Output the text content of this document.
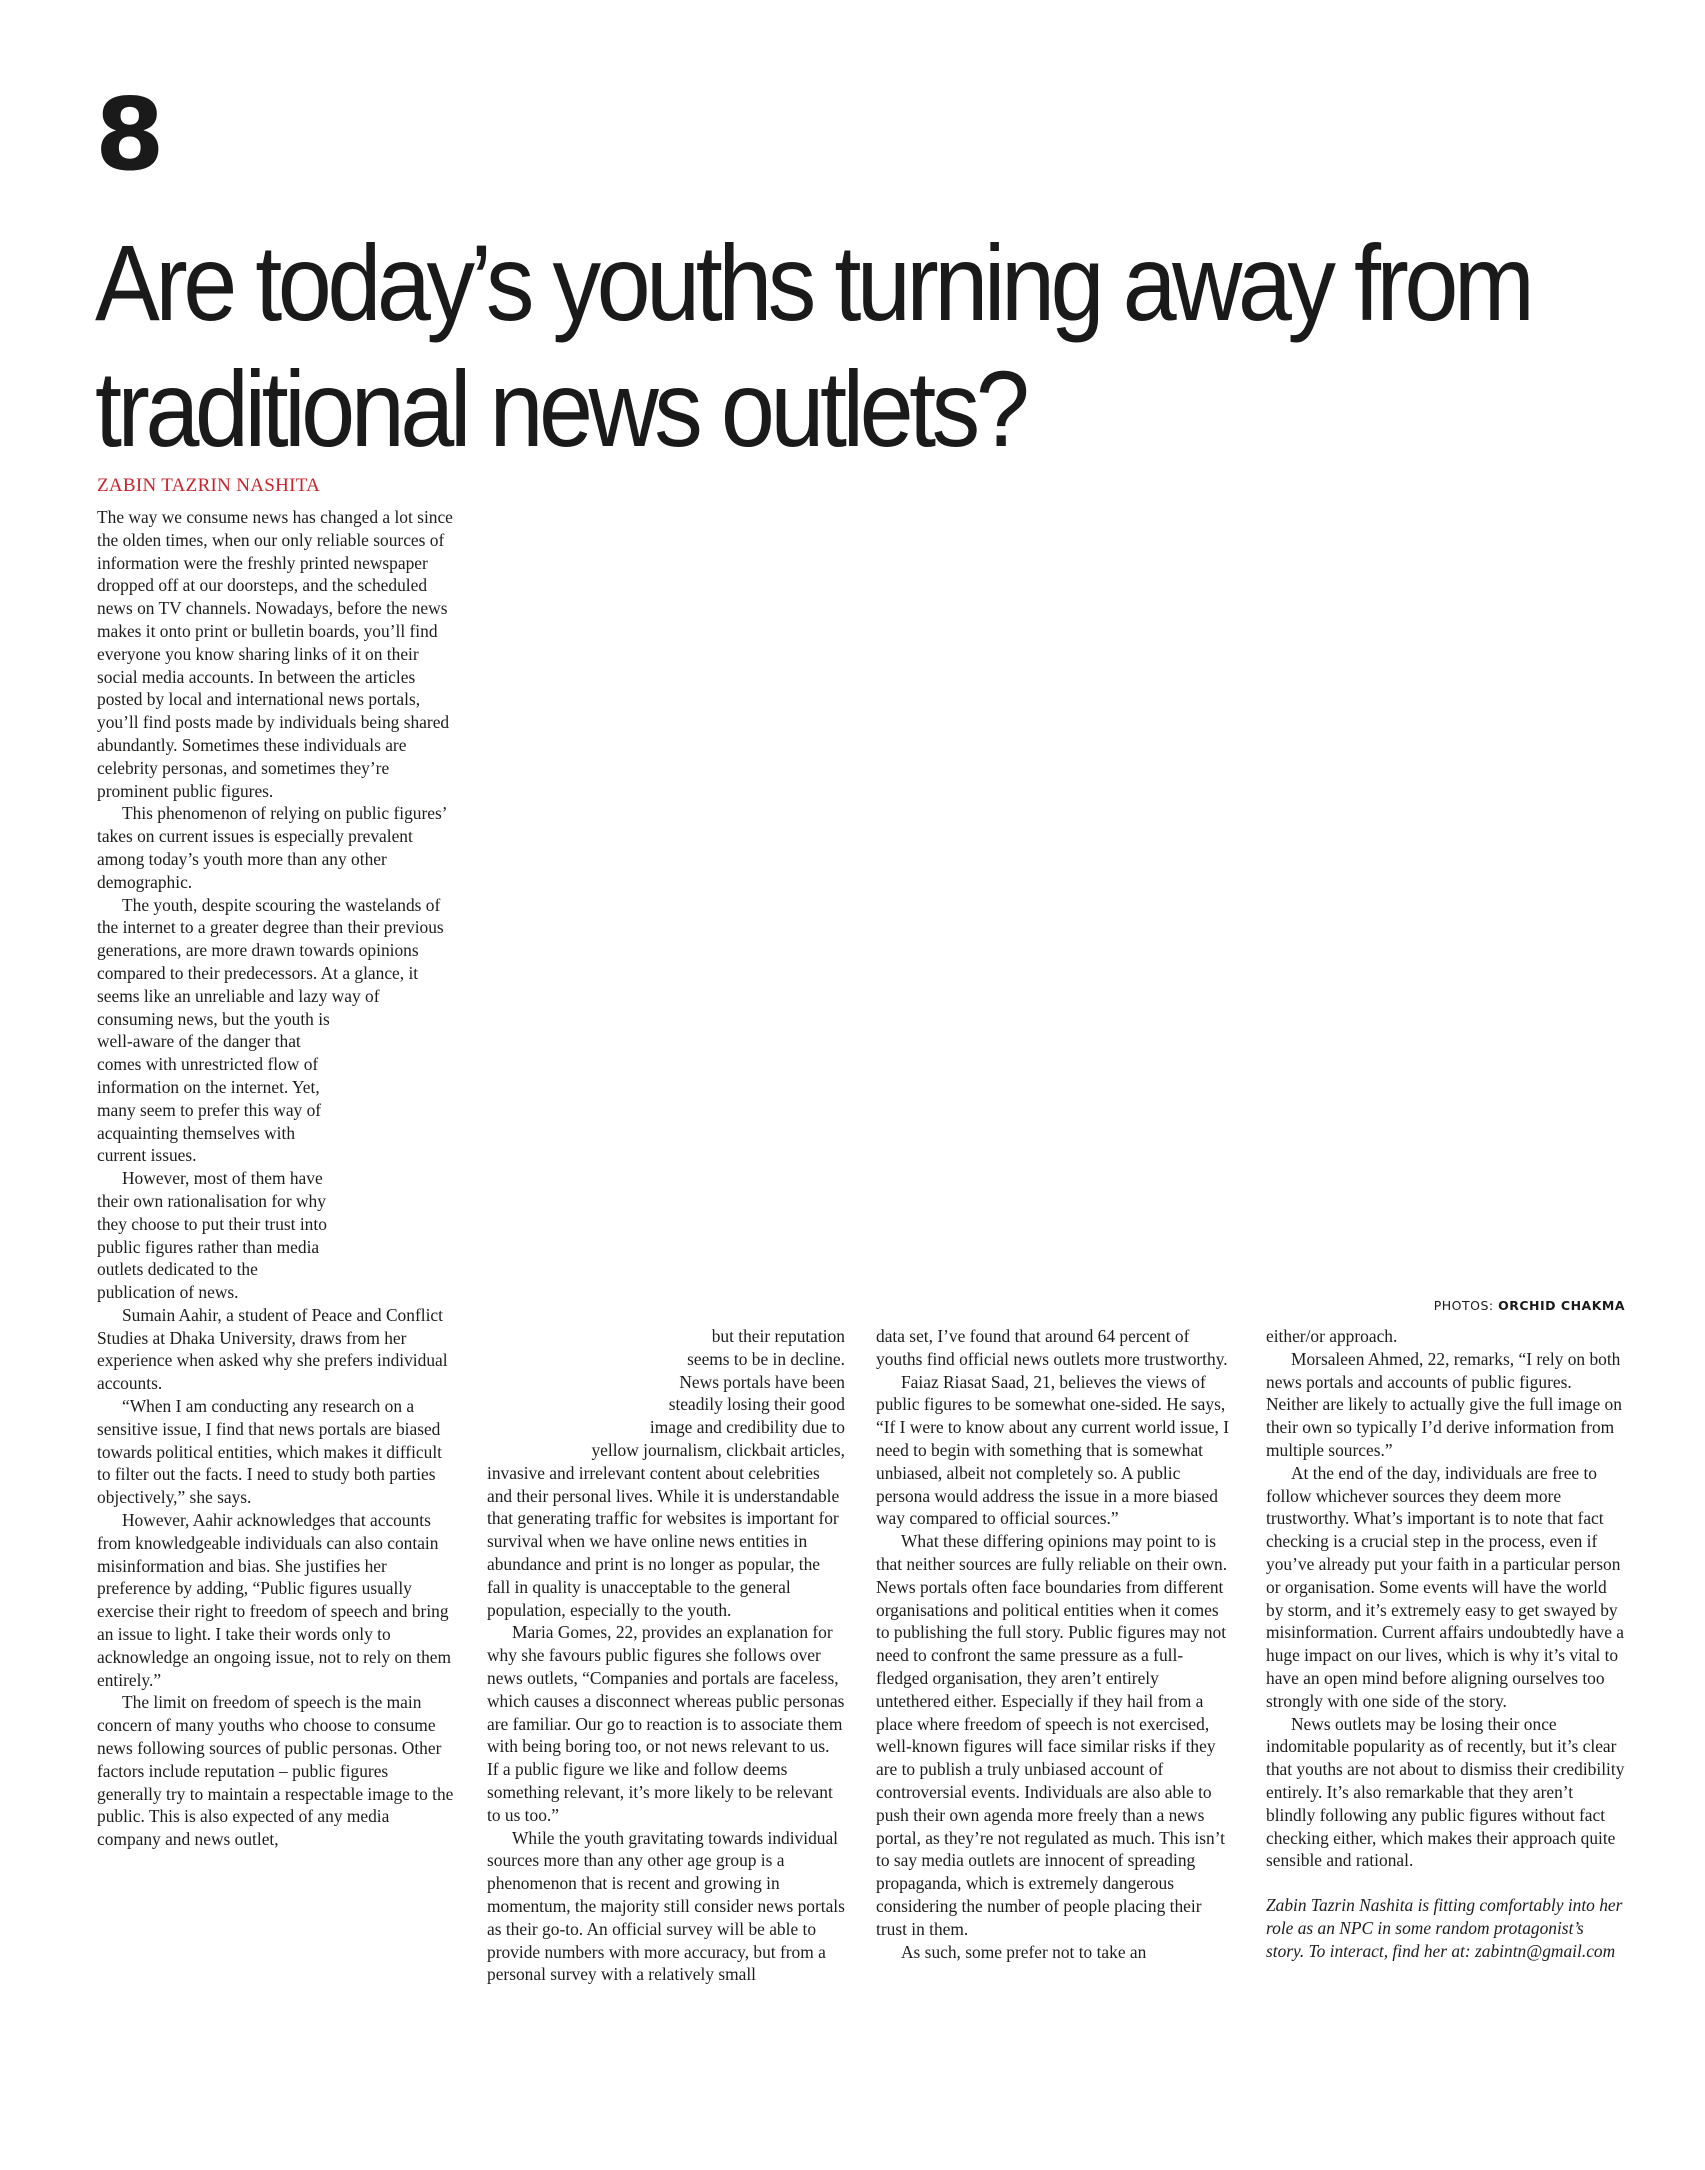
8
Are today’s youths turning away from
traditional news outlets?
ZABIN TAZRIN NASHITA

The way we consume news has changed a lot since the olden times, when our only reliable sources of information were the freshly printed newspaper dropped off at our doorsteps, and the scheduled news on TV channels. Nowadays, before the news makes it onto print or bulletin boards, you’ll find everyone you know sharing links of it on their social media accounts. In between the articles posted by local and international news portals, you’ll find posts made by individuals being shared abundantly. Sometimes these individuals are celebrity personas, and sometimes they’re prominent public figures.

This phenomenon of relying on public figures’ takes on current issues is especially prevalent among today’s youth more than any other demographic.

The youth, despite scouring the wastelands of the internet to a greater degree than their previous generations, are more drawn towards opinions compared to their predecessors. At a glance, it seems like an unreliable and lazy way of consuming news, but the youth is

well-aware of the danger that comes with unrestricted flow of information on the internet. Yet, many seem to prefer this way of acquainting themselves with current issues.

However, most of them have their own rationalisation for why they choose to put their trust into public figures rather than media outlets dedicated to the publication of news.

Sumain Aahir, a student of Peace and Conflict Studies at Dhaka University, draws from her experience when asked why she prefers individual accounts.

“When I am conducting any research on a sensitive issue, I find that news portals are biased towards political entities, which makes it difficult to filter out the facts. I need to study both parties objectively,” she says.

However, Aahir acknowledges that accounts from knowledgeable individuals can also contain misinformation and bias. She justifies her preference by adding, “Public figures usually exercise their right to freedom of speech and bring an issue to light. I take their words only to acknowledge an ongoing issue, not to rely on them entirely.”

The limit on freedom of speech is the main concern of many youths who choose to consume news following sources of public personas. Other factors include reputation – public figures generally try to maintain a respectable image to the public. This is also expected of any media company and news outlet,

but their reputation

seems to be in decline.

News portals have been

steadily losing their good

image and credibility due to

yellow journalism, clickbait articles,

invasive and irrelevant content about celebrities and their personal lives. While it is understandable that generating traffic for websites is important for survival when we have online news entities in abundance and print is no longer as popular, the fall in quality is unacceptable to the general population, especially to the youth.

Maria Gomes, 22, provides an explanation for why she favours public figures she follows over news outlets, “Companies and portals are faceless, which causes a disconnect whereas public personas are familiar. Our go to reaction is to associate them with being boring too, or not news relevant to us. If a public figure we like and follow deems something relevant, it’s more likely to be relevant to us too.”

While the youth gravitating towards individual sources more than any other age group is a phenomenon that is recent and growing in momentum, the majority still consider news portals as their go-to. An official survey will be able to provide numbers with more accuracy, but from a personal survey with a relatively small

data set, I’ve found that around 64 percent of youths find official news outlets more trustworthy.

Faiaz Riasat Saad, 21, believes the views of public figures to be somewhat one-sided. He says, “If I were to know about any current world issue, I need to begin with something that is somewhat unbiased, albeit not completely so. A public persona would address the issue in a more biased way compared to official sources.”

What these differing opinions may point to is that neither sources are fully reliable on their own. News portals often face boundaries from different organisations and political entities when it comes to publishing the full story. Public figures may not need to confront the same pressure as a full-fledged organisation, they aren’t entirely untethered either. Especially if they hail from a place where freedom of speech is not exercised, well-known figures will face similar risks if they are to publish a truly unbiased account of controversial events. Individuals are also able to push their own agenda more freely than a news portal, as they’re not regulated as much. This isn’t to say media outlets are innocent of spreading propaganda, which is extremely dangerous considering the number of people placing their trust in them.

As such, some prefer not to take an

PHOTOS: ORCHID CHAKMA

either/or approach.

Morsaleen Ahmed, 22, remarks, “I rely on both news portals and accounts of public figures. Neither are likely to actually give the full image on their own so typically I’d derive information from multiple sources.”

At the end of the day, individuals are free to follow whichever sources they deem more trustworthy. What’s important is to note that fact checking is a crucial step in the process, even if you’ve already put your faith in a particular person or organisation. Some events will have the world by storm, and it’s extremely easy to get swayed by misinformation. Current affairs undoubtedly have a huge impact on our lives, which is why it’s vital to have an open mind before aligning ourselves too strongly with one side of the story.

News outlets may be losing their once indomitable popularity as of recently, but it’s clear that youths are not about to dismiss their credibility entirely. It’s also remarkable that they aren’t blindly following any public figures without fact checking either, which makes their approach quite sensible and rational.

Zabin Tazrin Nashita is fitting comfortably into her role as an NPC in some random protagonist’s story. To interact, find her at: zabintn@gmail.com
